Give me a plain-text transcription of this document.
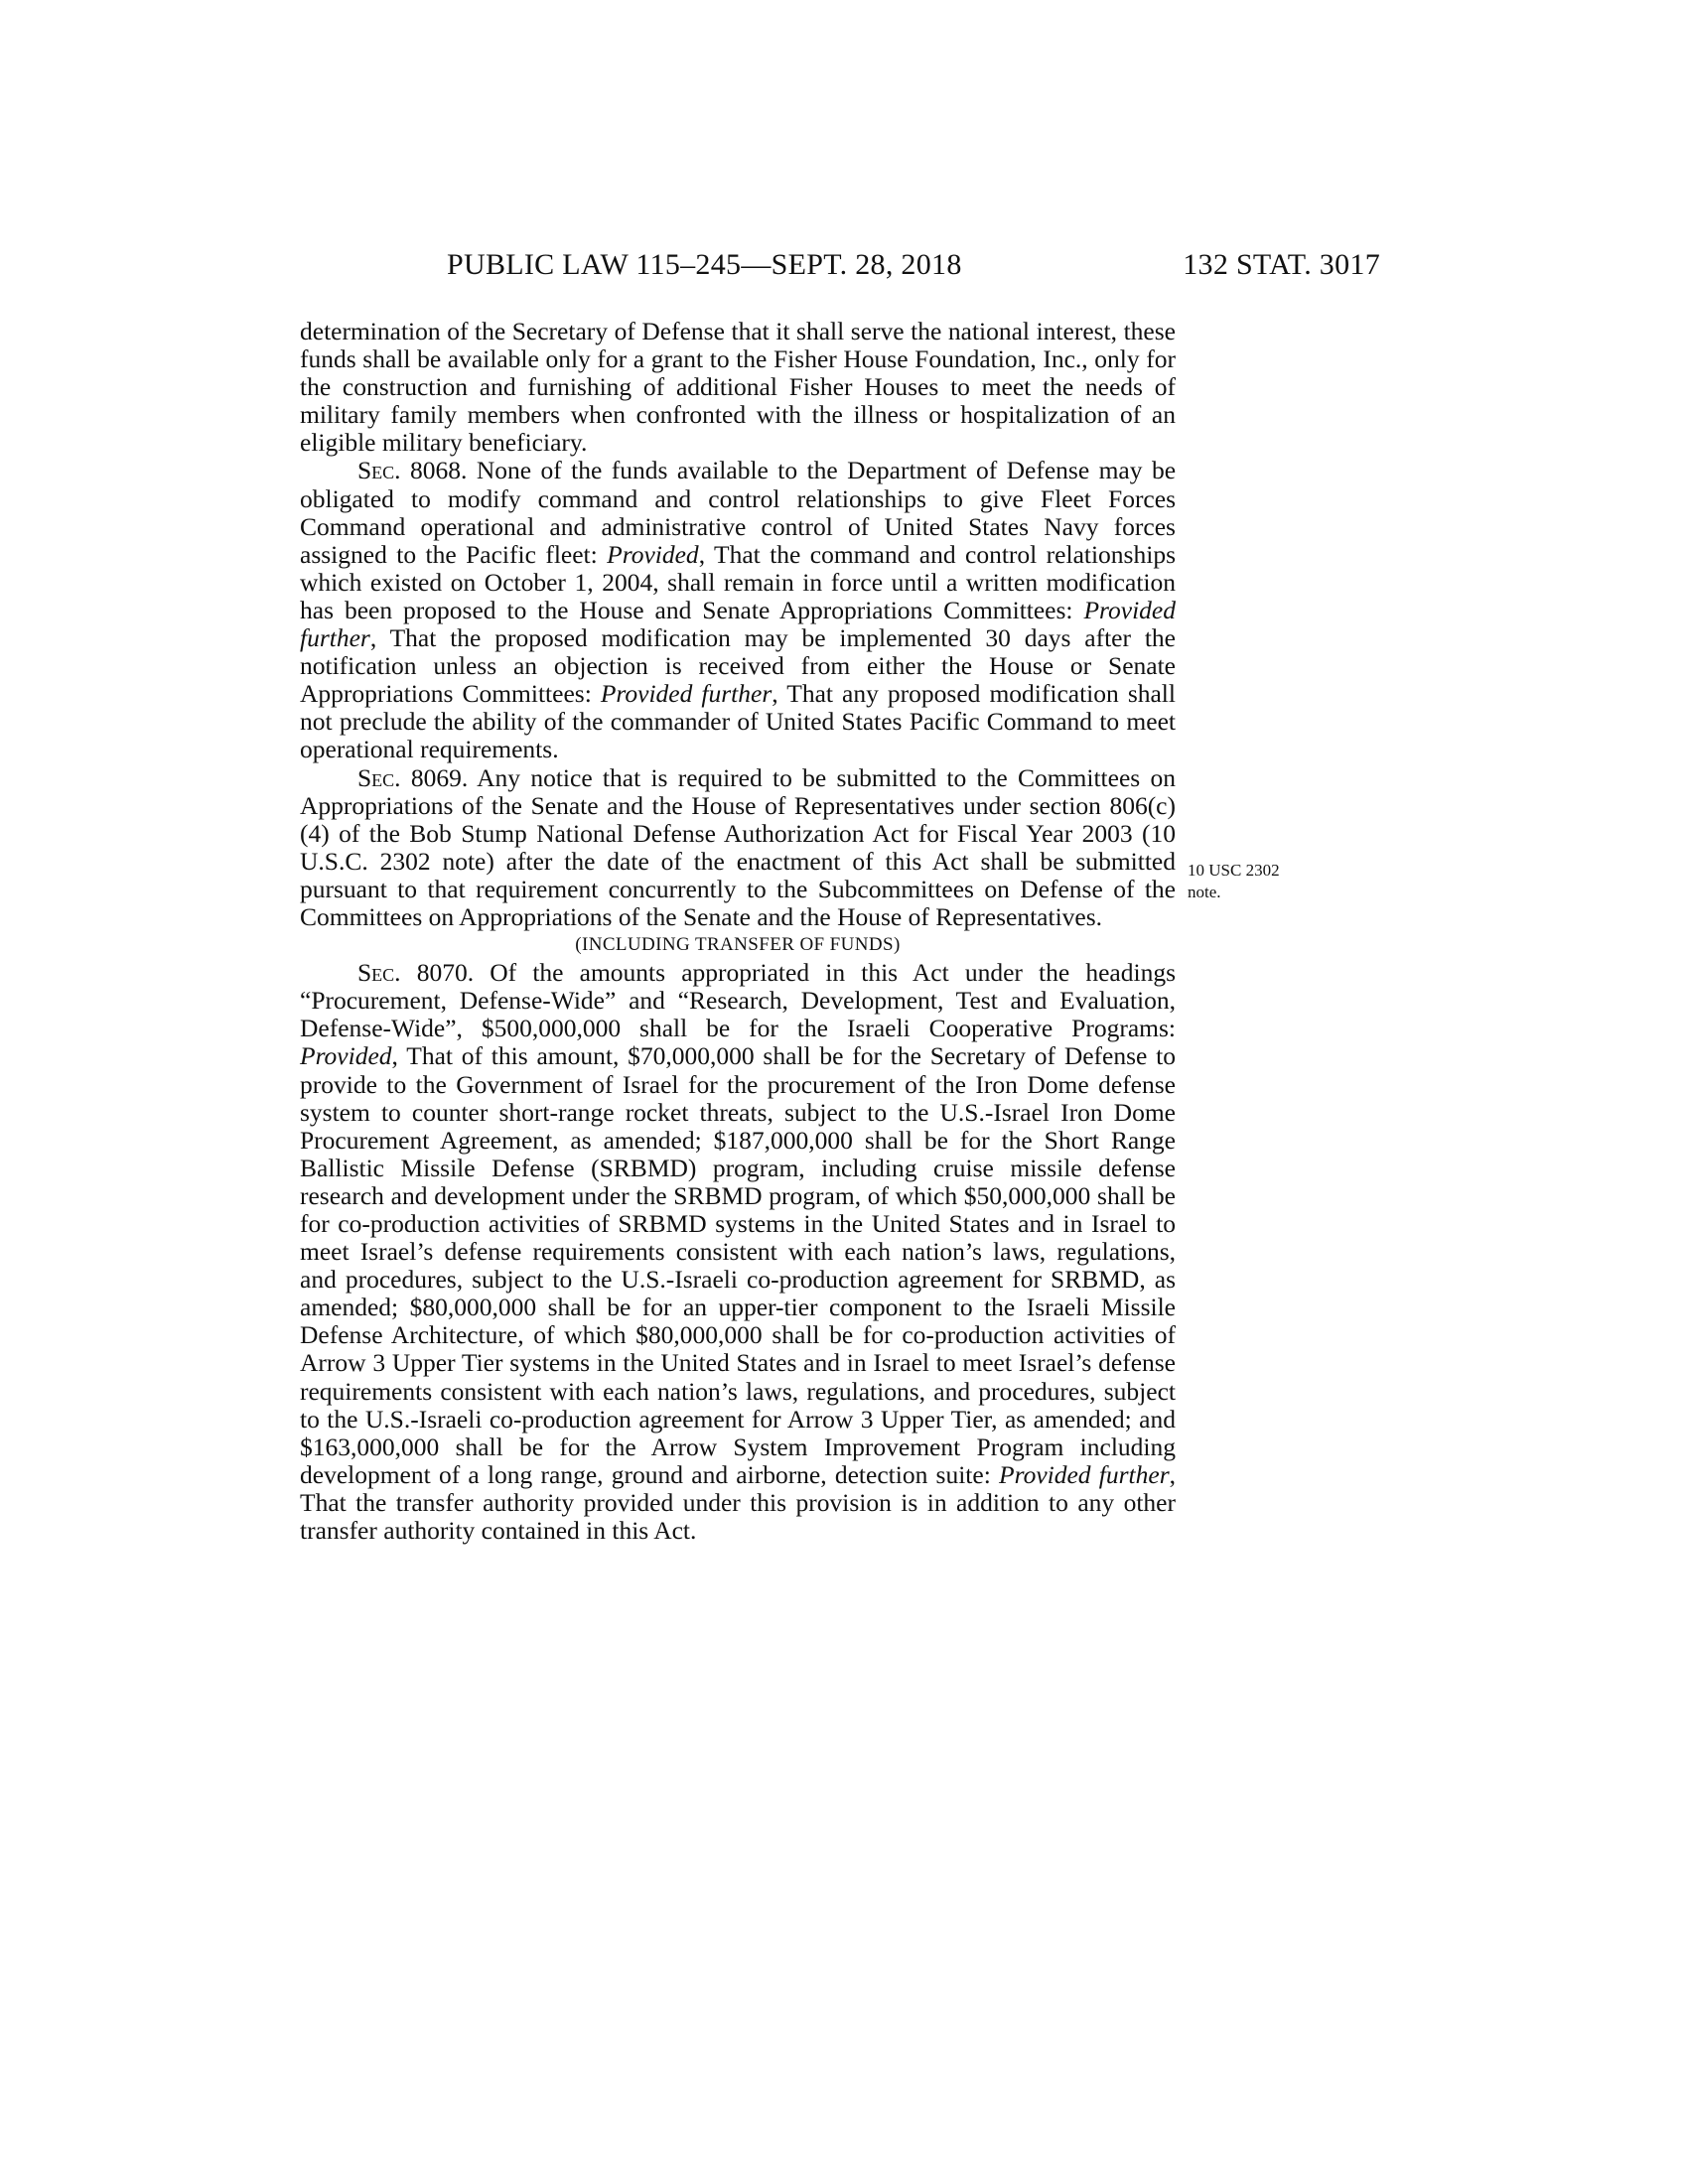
PUBLIC LAW 115–245—SEPT. 28, 2018	132 STAT. 3017

determination of the Secretary of Defense that it shall serve the national interest, these funds shall be available only for a grant to the Fisher House Foundation, Inc., only for the construction and furnishing of additional Fisher Houses to meet the needs of military family members when confronted with the illness or hospitalization of an eligible military beneficiary.

Sec. 8068. None of the funds available to the Department of Defense may be obligated to modify command and control relationships to give Fleet Forces Command operational and administrative control of United States Navy forces assigned to the Pacific fleet: Provided, That the command and control relationships which existed on October 1, 2004, shall remain in force until a written modification has been proposed to the House and Senate Appropriations Committees: Provided further, That the proposed modification may be implemented 30 days after the notification unless an objection is received from either the House or Senate Appropriations Committees: Provided further, That any proposed modification shall not preclude the ability of the commander of United States Pacific Command to meet operational requirements.

Sec. 8069. Any notice that is required to be submitted to the Committees on Appropriations of the Senate and the House of Representatives under section 806(c)(4) of the Bob Stump National Defense Authorization Act for Fiscal Year 2003 (10 U.S.C. 2302 note) after the date of the enactment of this Act shall be submitted pursuant to that requirement concurrently to the Subcommittees on Defense of the Committees on Appropriations of the Senate and the House of Representatives.

(INCLUDING TRANSFER OF FUNDS)

Sec. 8070. Of the amounts appropriated in this Act under the headings “Procurement, Defense-Wide” and “Research, Development, Test and Evaluation, Defense-Wide”, $500,000,000 shall be for the Israeli Cooperative Programs: Provided, That of this amount, $70,000,000 shall be for the Secretary of Defense to provide to the Government of Israel for the procurement of the Iron Dome defense system to counter short-range rocket threats, subject to the U.S.-Israel Iron Dome Procurement Agreement, as amended; $187,000,000 shall be for the Short Range Ballistic Missile Defense (SRBMD) program, including cruise missile defense research and development under the SRBMD program, of which $50,000,000 shall be for co-production activities of SRBMD systems in the United States and in Israel to meet Israel’s defense requirements consistent with each nation’s laws, regulations, and procedures, subject to the U.S.-Israeli co-production agreement for SRBMD, as amended; $80,000,000 shall be for an upper-tier component to the Israeli Missile Defense Architecture, of which $80,000,000 shall be for co-production activities of Arrow 3 Upper Tier systems in the United States and in Israel to meet Israel’s defense requirements consistent with each nation’s laws, regulations, and procedures, subject to the U.S.-Israeli co-production agreement for Arrow 3 Upper Tier, as amended; and $163,000,000 shall be for the Arrow System Improvement Program including development of a long range, ground and airborne, detection suite: Provided further, That the transfer authority provided under this provision is in addition to any other transfer authority contained in this Act.

10 USC 2302
note.
